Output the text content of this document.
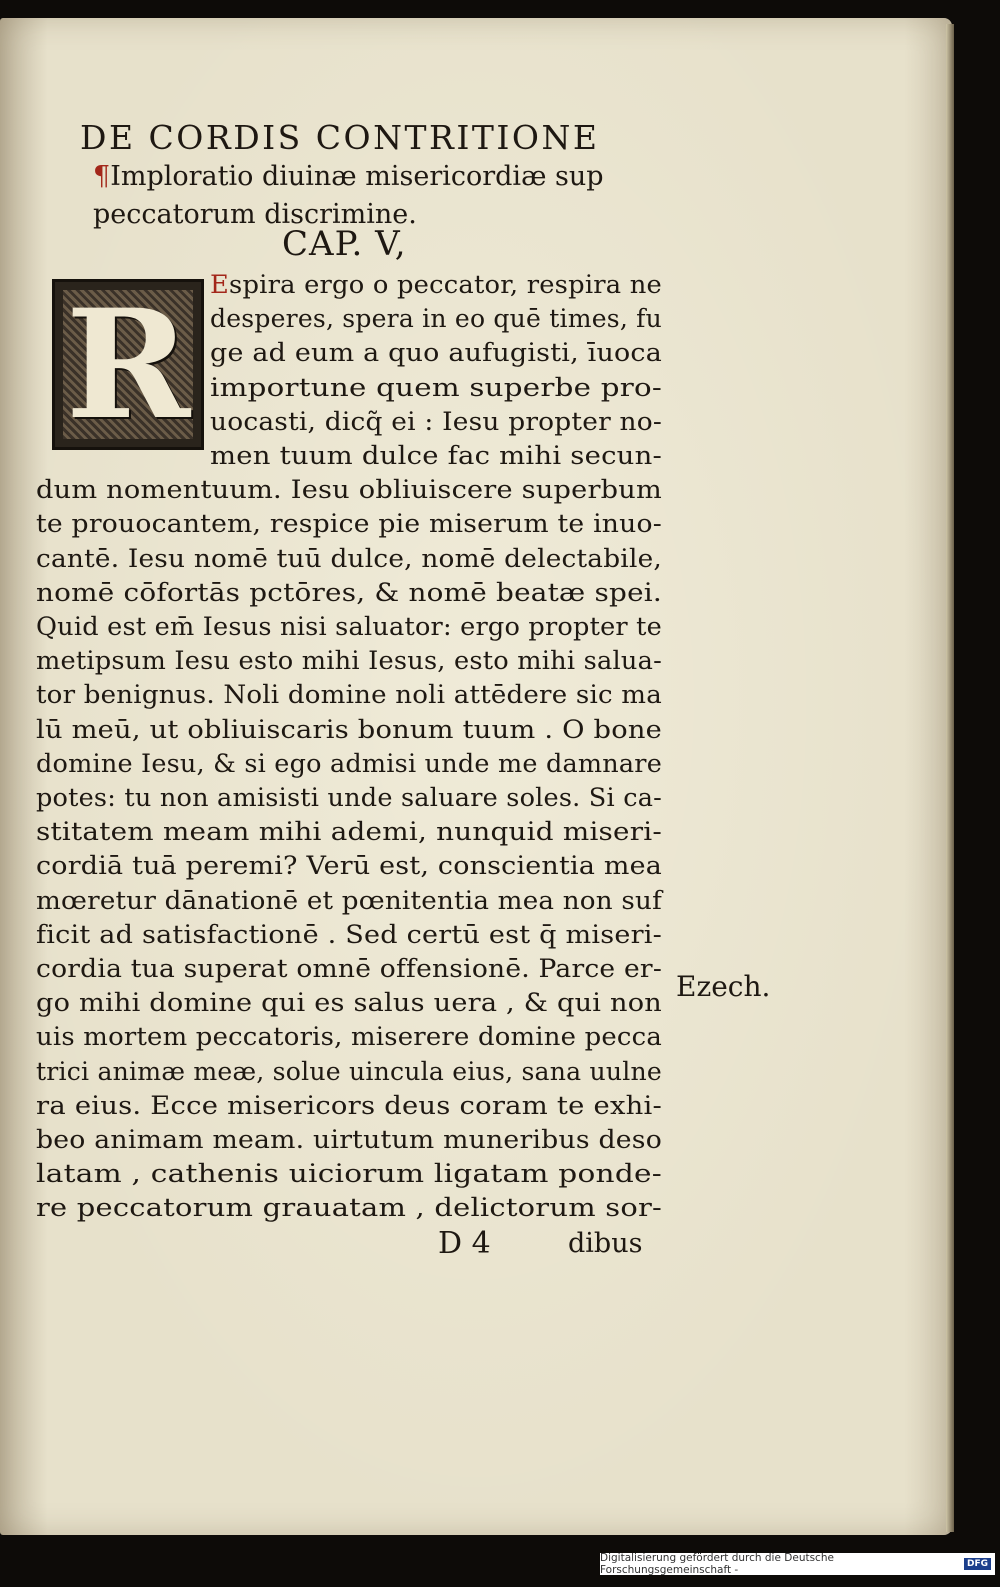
DE CORDIS CONTRITIONE
¶Imploratio diuinæ misericordiæ sup
peccatorum discrimine.
CAP. V,
R Espira ergo o peccator, respira ne
desperes, spera in eo quē times, fu
ge ad eum a quo aufugisti, īuoca
importune quem superbe pro-
uocasti, dicq̃ ei : Iesu propter no-
men tuum dulce fac mihi secun-
dum nomentuum. Iesu obliuiscere superbum
te prouocantem, respice pie miserum te inuo-
cantē. Iesu nomē tuū dulce, nomē delectabile,
nomē cōfortās pctōres, & nomē beatæ spei.
Quid est em̄ Iesus nisi saluator: ergo propter te
metipsum Iesu esto mihi Iesus, esto mihi salua-
tor benignus. Noli domine noli attēdere sic ma
lū meū, ut obliuiscaris bonum tuum . O bone
domine Iesu, & si ego admisi unde me damnare
potes: tu non amisisti unde saluare soles. Si ca-
stitatem meam mihi ademi, nunquid miseri-
cordiā tuā peremi? Verū est, conscientia mea
mœretur dānationē et pœnitentia mea non suf
ficit ad satisfactionē . Sed certū est q̄ miseri-
cordia tua superat omnē offensionē. Parce er-
go mihi domine qui es salus uera , & qui non
uis mortem peccatoris, miserere domine pecca
trici animæ meæ, solue uincula eius, sana uulne
ra eius. Ecce misericors deus coram te exhi-
beo animam meam. uirtutum muneribus deso
latam , cathenis uiciorum ligatam ponde-
re peccatorum grauatam , delictorum sor-
Ezech.
D 4	dibus
Digitalisierung gefördert durch die Deutsche Forschungsgemeinschaft -	DFG
